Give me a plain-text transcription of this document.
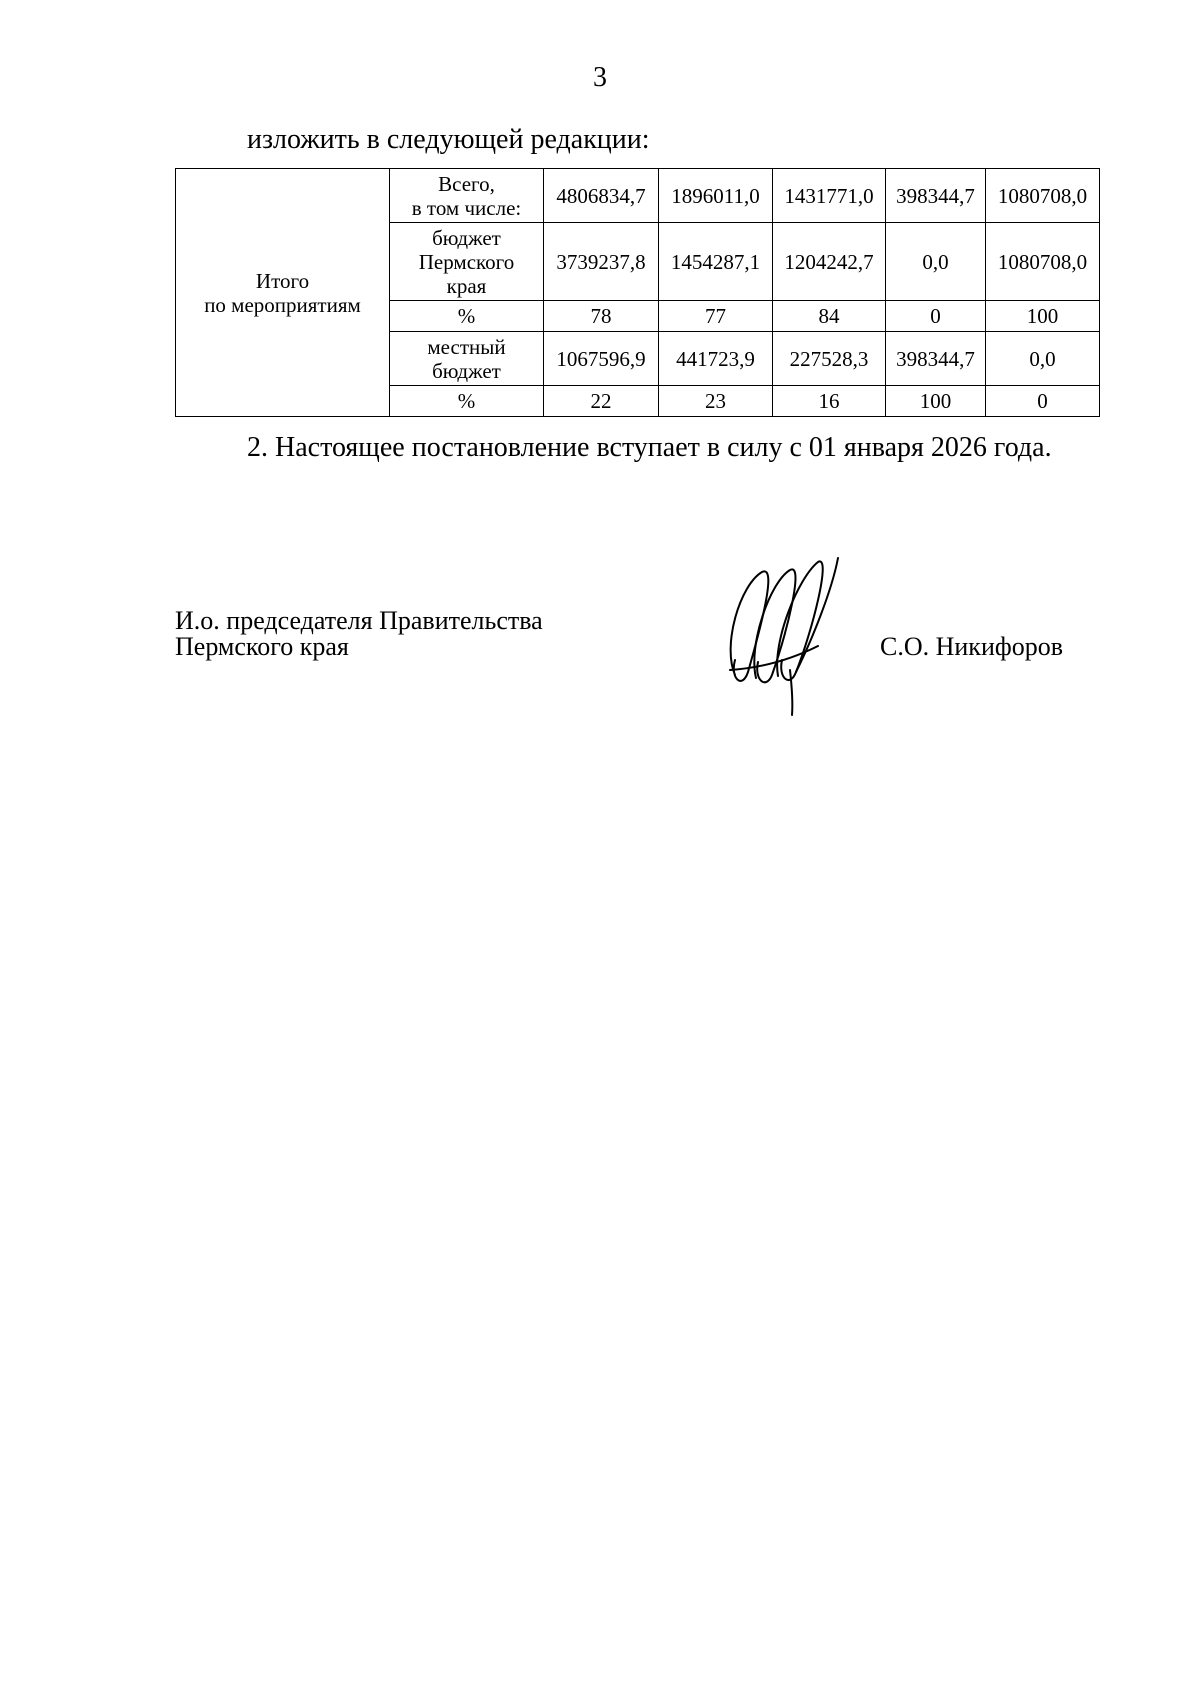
3
изложить в следующей редакции:
Итого
по мероприятиям	Всего,
в том числе:	4806834,7	1896011,0	1431771,0	398344,7	1080708,0
	бюджет
Пермского
края	3739237,8	1454287,1	1204242,7	0,0	1080708,0
	%	78	77	84	0	100
	местный
бюджет	1067596,9	441723,9	227528,3	398344,7	0,0
	%	22	23	16	100	0
2. Настоящее постановление вступает в силу с 01 января 2026 года.
И.о. председателя Правительства
Пермского края	С.О. Никифоров
